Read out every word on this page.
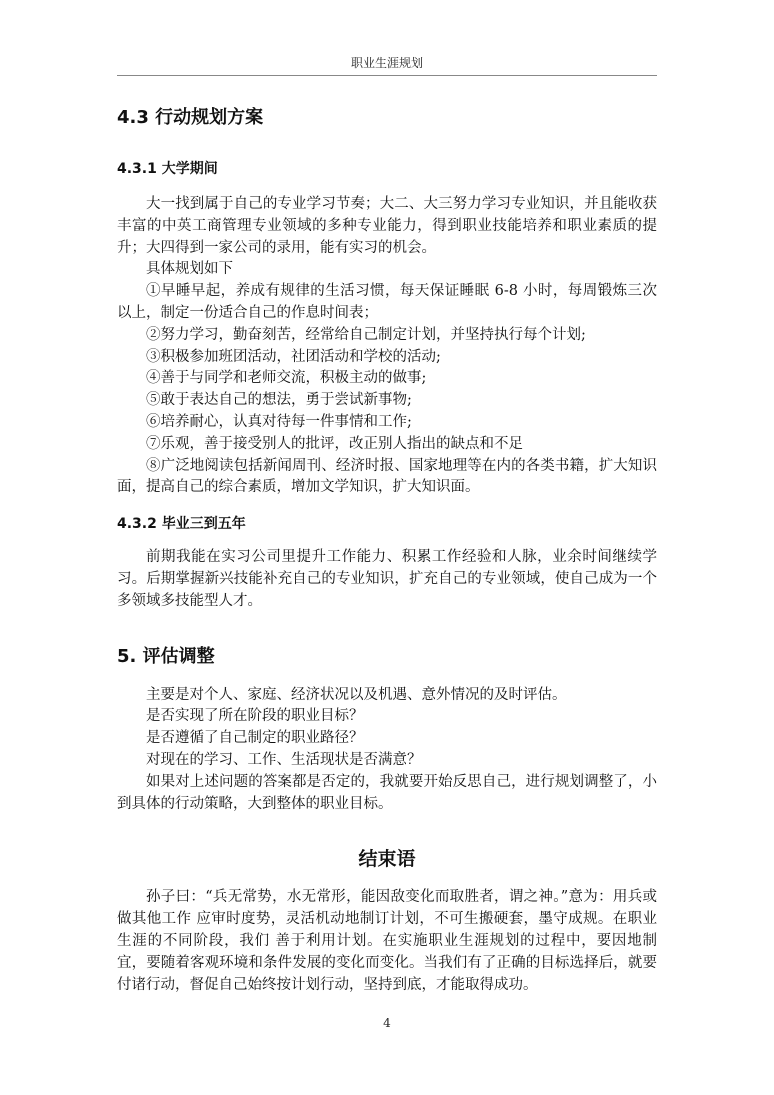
职业生涯规划
4.3 行动规划方案
4.3.1 大学期间

大一找到属于自己的专业学习节奏；大二、大三努力学习专业知识，并且能收获丰富的中英工商管理专业领域的多种专业能力，得到职业技能培养和职业素质的提升；大四得到一家公司的录用，能有实习的机会。

具体规划如下

①早睡早起，养成有规律的生活习惯，每天保证睡眠 6-8 小时，每周锻炼三次以上，制定一份适合自己的作息时间表；

②努力学习，勤奋刻苦，经常给自己制定计划，并坚持执行每个计划;

③积极参加班团活动，社团活动和学校的活动;

④善于与同学和老师交流，积极主动的做事;

⑤敢于表达自己的想法，勇于尝试新事物;

⑥培养耐心，认真对待每一件事情和工作;

⑦乐观，善于接受别人的批评，改正别人指出的缺点和不足

⑧广泛地阅读包括新闻周刊、经济时报、国家地理等在内的各类书籍，扩大知识面，提高自己的综合素质，增加文学知识，扩大知识面。

4.3.2 毕业三到五年

前期我能在实习公司里提升工作能力、积累工作经验和人脉，业余时间继续学习。后期掌握新兴技能补充自己的专业知识，扩充自己的专业领域，使自己成为一个多领域多技能型人才。

5. 评估调整

主要是对个人、家庭、经济状况以及机遇、意外情况的及时评估。

是否实现了所在阶段的职业目标？

是否遵循了自己制定的职业路径？

对现在的学习、工作、生活现状是否满意？

如果对上述问题的答案都是否定的，我就要开始反思自己，进行规划调整了，小到具体的行动策略，大到整体的职业目标。

结束语

孙子曰：“兵无常势，水无常形，能因敌变化而取胜者，谓之神。”意为：用兵或做其他工作 应审时度势，灵活机动地制订计划，不可生搬硬套，墨守成规。在职业生涯的不同阶段，我们 善于利用计划。在实施职业生涯规划的过程中，要因地制宜，要随着客观环境和条件发展的变化而变化。当我们有了正确的目标选择后，就要付诸行动，督促自己始终按计划行动，坚持到底，才能取得成功。

4
